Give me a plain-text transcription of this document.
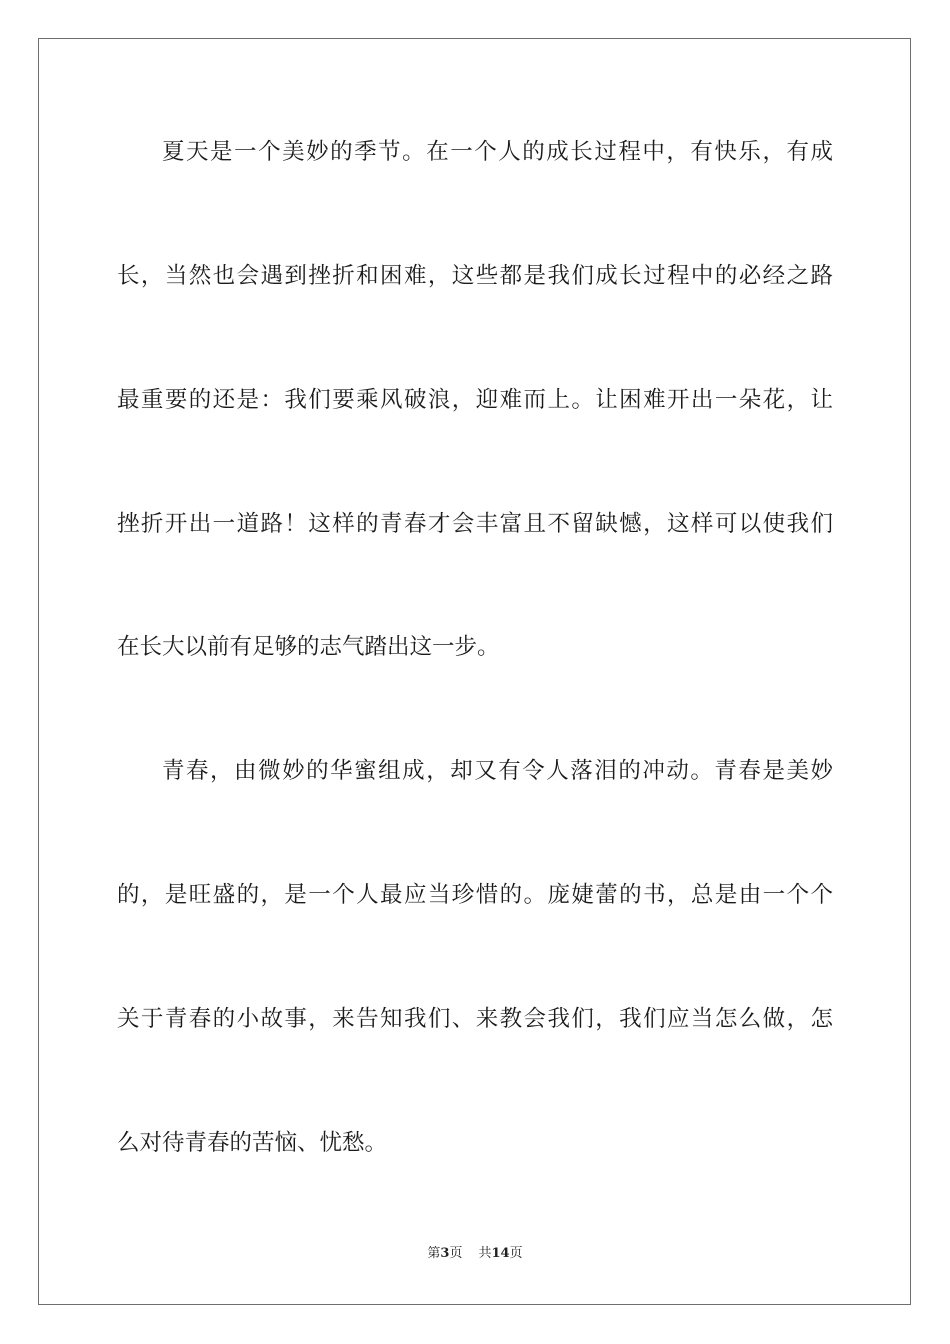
夏天是一个美妙的季节。在一个人的成长过程中，有快乐，有成
长，当然也会遇到挫折和困难，这些都是我们成长过程中的必经之路
最重要的还是：我们要乘风破浪，迎难而上。让困难开出一朵花，让
挫折开出一道路！这样的青春才会丰富且不留缺憾，这样可以使我们
在长大以前有足够的志气踏出这一步。
青春，由微妙的华蜜组成，却又有令人落泪的冲动。青春是美妙
的，是旺盛的，是一个人最应当珍惜的。庞婕蕾的书，总是由一个个
关于青春的小故事，来告知我们、来教会我们，我们应当怎么做，怎
么对待青春的苦恼、忧愁。
第3页 共14页
